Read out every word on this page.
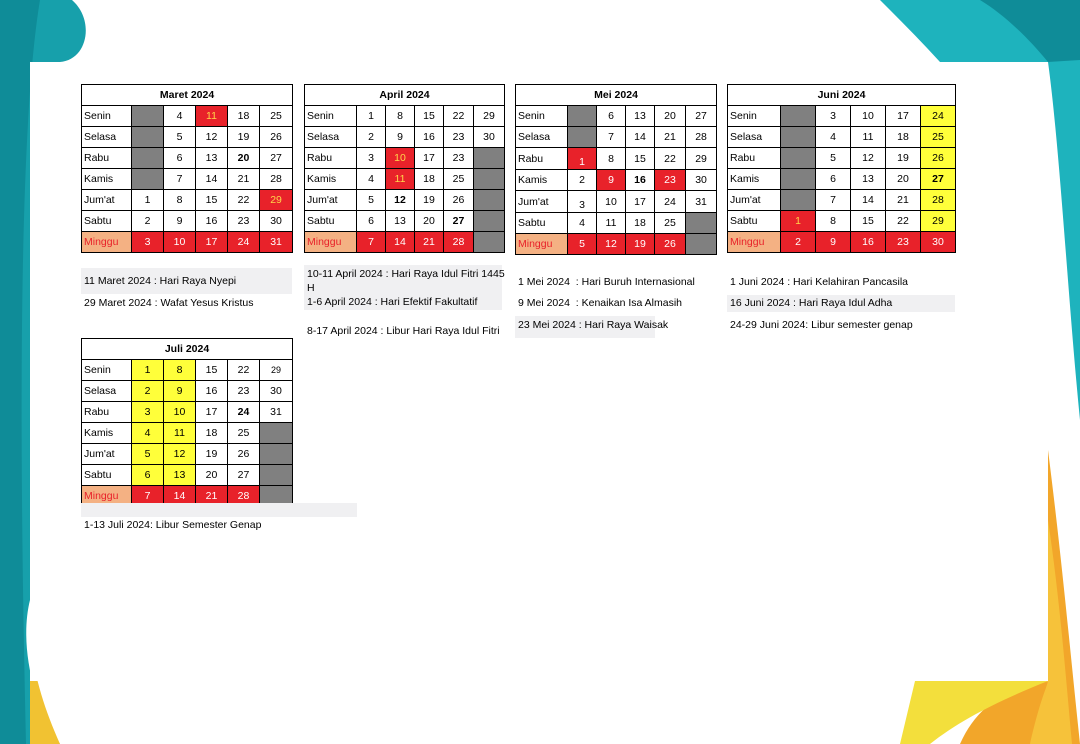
Maret 2024					
Senin		4	11	18	25
Selasa		5	12	19	26
Rabu		6	13	20	27
Kamis		7	14	21	28
Jum'at	1	8	15	22	29
Sabtu	2	9	16	23	30
Minggu	3	10	17	24	31
April 2024					
Senin	1	8	15	22	29
Selasa	2	9	16	23	30
Rabu	3	10	17	23	
Kamis	4	11	18	25	
Jum'at	5	12	19	26	
Sabtu	6	13	20	27	
Minggu	7	14	21	28	
Mei 2024					
Senin		6	13	20	27
Selasa		7	14	21	28
Rabu	1	8	15	22	29
Kamis	2	9	16	23	30
Jum'at	3	10	17	24	31
Sabtu	4	11	18	25	
Minggu	5	12	19	26	
Juni 2024					
Senin		3	10	17	24
Selasa		4	11	18	25
Rabu		5	12	19	26
Kamis		6	13	20	27
Jum'at		7	14	21	28
Sabtu	1	8	15	22	29
Minggu	2	9	16	23	30
Juli 2024					
Senin	1	8	15	22	29
Selasa	2	9	16	23	30
Rabu	3	10	17	24	31
Kamis	4	11	18	25	
Jum'at	5	12	19	26	
Sabtu	6	13	20	27	
Minggu	7	14	21	28	
11 Maret 2024 : Hari Raya Nyepi
29 Maret 2024 : Wafat Yesus Kristus
10-11 April 2024 : Hari Raya Idul Fitri 1445
H
1-6 April 2024 : Hari Efektif Fakultatif
8-17 April 2024 : Libur Hari Raya Idul Fitri
1 Mei 2024  : Hari Buruh Internasional
9 Mei 2024  : Kenaikan Isa Almasih
23 Mei 2024 : Hari Raya Waisak
1 Juni 2024 : Hari Kelahiran Pancasila
16 Juni 2024 : Hari Raya Idul Adha
24-29 Juni 2024: Libur semester genap
1-13 Juli 2024: Libur Semester Genap
